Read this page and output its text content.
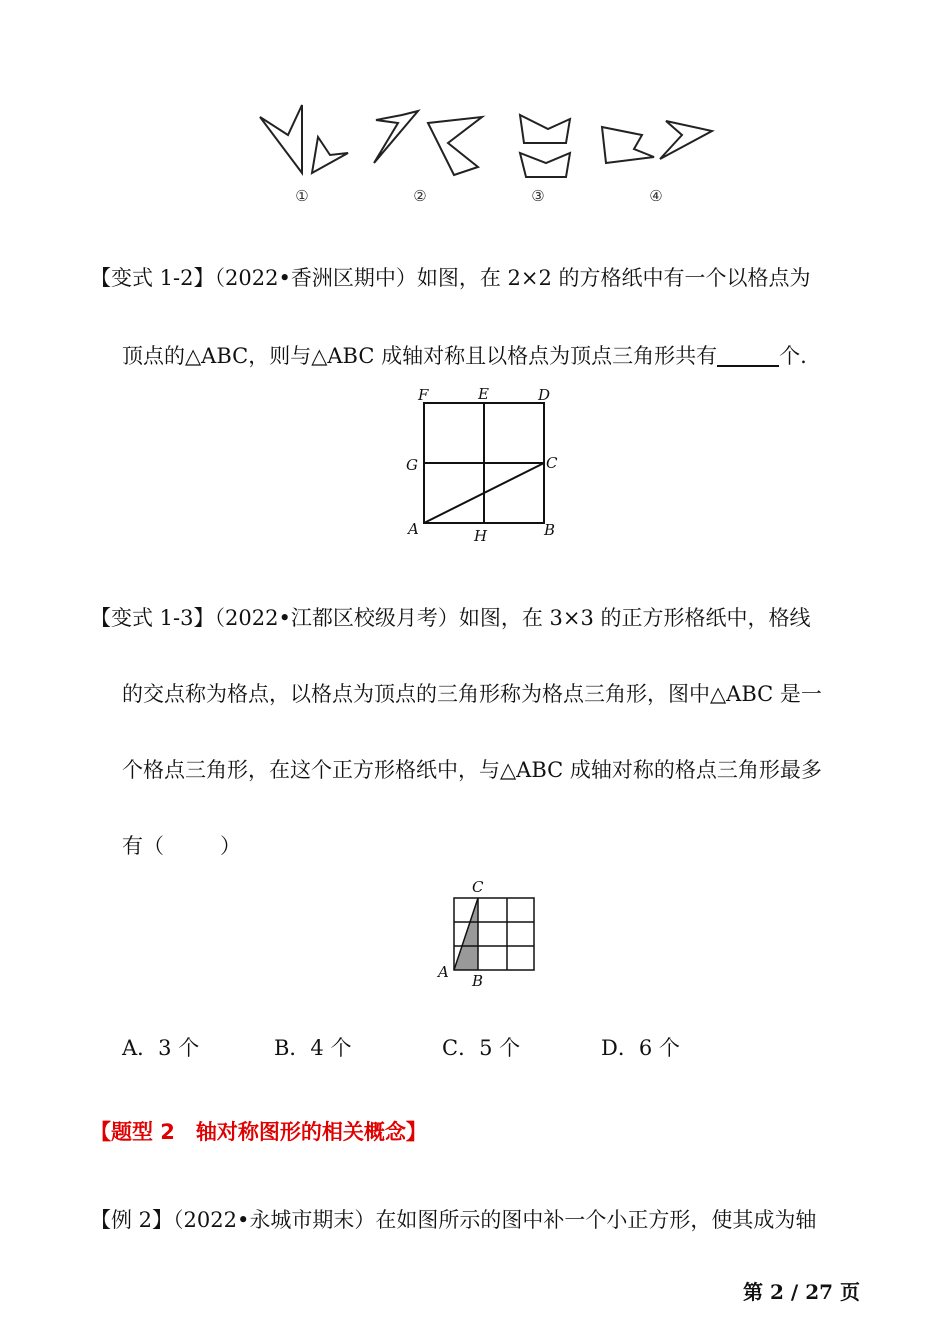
①	②	③	④
【变式 1-2】（2022•香洲区期中）如图，在 2×2 的方格纸中有一个以格点为
顶点的△ABC，则与△ABC 成轴对称且以格点为顶点三角形共有	个.
F	E	D
G	C
A	H	B
【变式 1-3】（2022•江都区校级月考）如图，在 3×3 的正方形格纸中，格线
的交点称为格点，以格点为顶点的三角形称为格点三角形，图中△ABC 是一
个格点三角形，在这个正方形格纸中，与△ABC 成轴对称的格点三角形最多
有（	）
C
A B
A．3 个	B．4 个	C．5 个	D．6 个
【题型 2　轴对称图形的相关概念】
【例 2】（2022•永城市期末）在如图所示的图中补一个小正方形，使其成为轴
第 2 / 27 页
